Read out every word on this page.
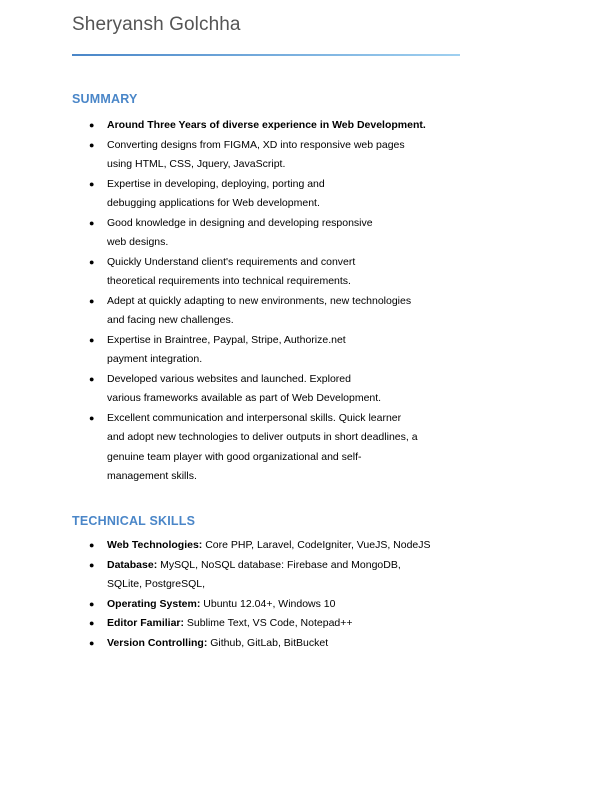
Sheryansh Golchha
SUMMARY
● Around Three Years of diverse experience in Web Development.
● Converting designs from FIGMA, XD into responsive web pages
using HTML, CSS, Jquery, JavaScript.
● Expertise in developing, deploying, porting and
debugging applications for Web development.
● Good knowledge in designing and developing responsive
web designs.
● Quickly Understand client's requirements and convert
theoretical requirements into technical requirements.
● Adept at quickly adapting to new environments, new technologies
and facing new challenges.
● Expertise in Braintree, Paypal, Stripe, Authorize.net
payment integration.
● Developed various websites and launched. Explored
various frameworks available as part of Web Development.
● Excellent communication and interpersonal skills. Quick learner
and adopt new technologies to deliver outputs in short deadlines, a
genuine team player with good organizational and self-
management skills.
TECHNICAL SKILLS
● Web Technologies: Core PHP, Laravel, CodeIgniter, VueJS, NodeJS
● Database: MySQL, NoSQL database: Firebase and MongoDB,
SQLite, PostgreSQL,
● Operating System: Ubuntu 12.04+, Windows 10
● Editor Familiar: Sublime Text, VS Code, Notepad++
● Version Controlling: Github, GitLab, BitBucket
